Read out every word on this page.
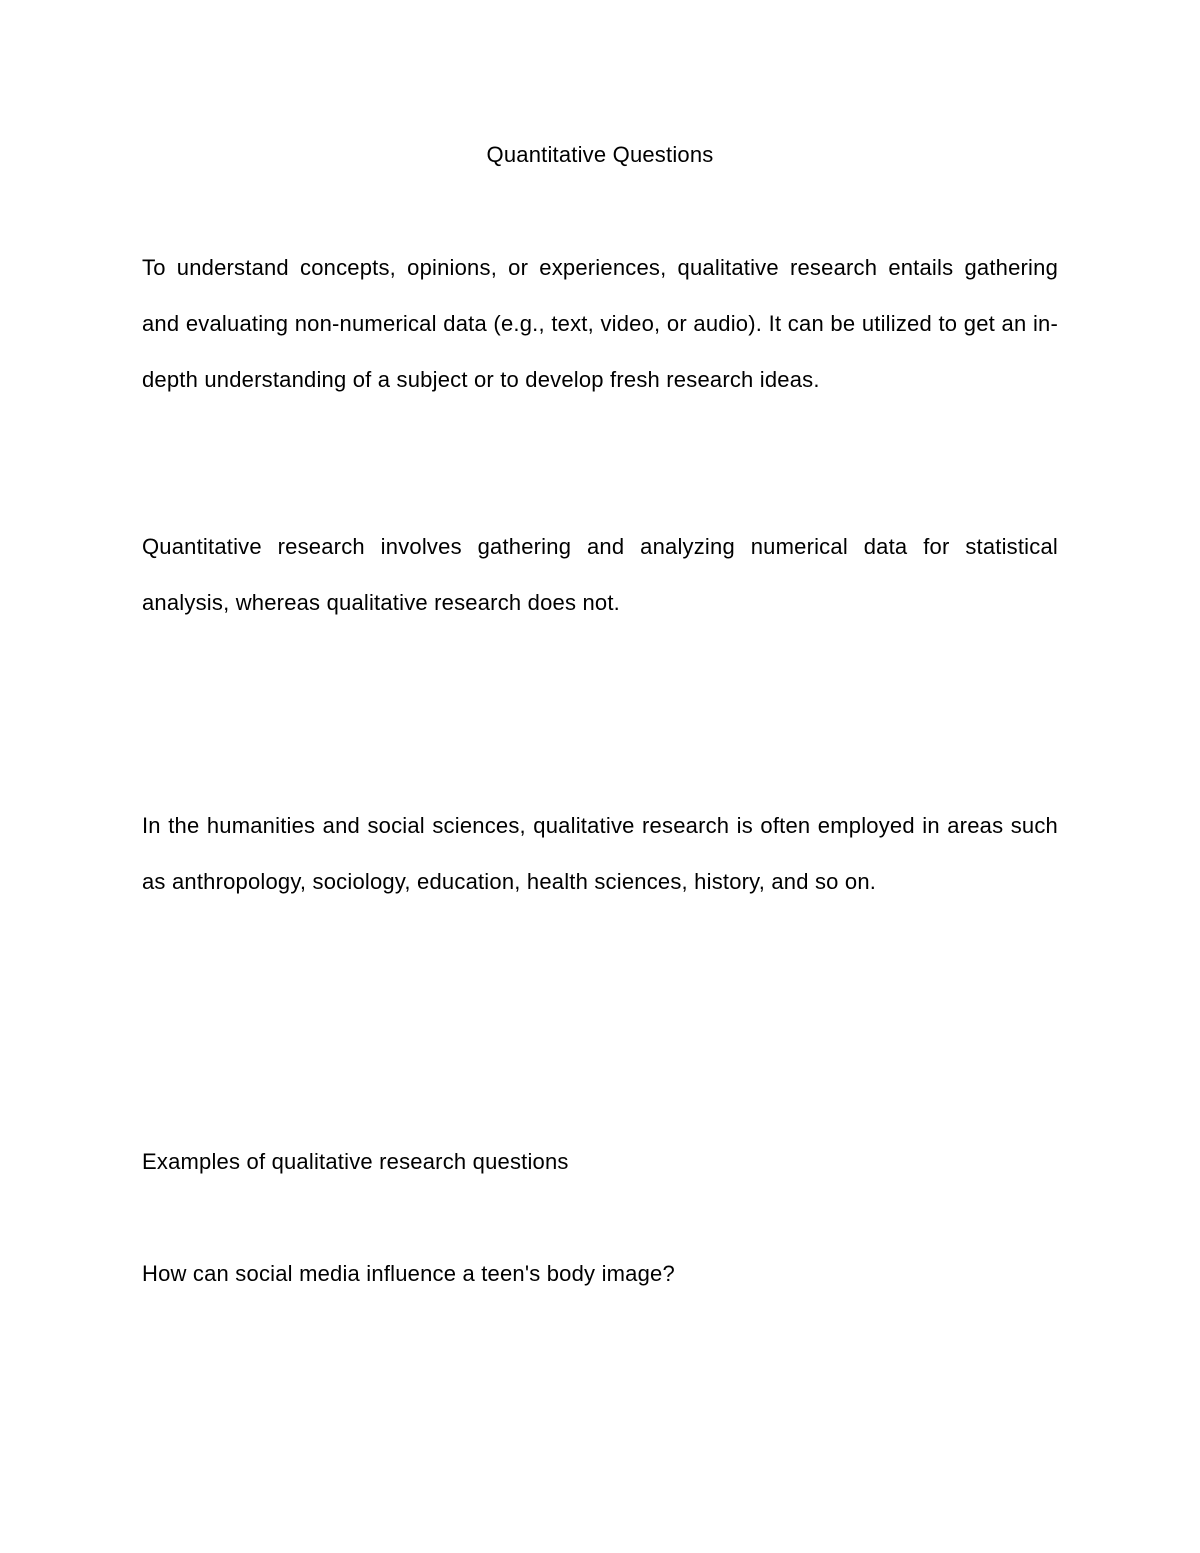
Quantitative Questions

To understand concepts, opinions, or experiences, qualitative research entails gathering and evaluating non-numerical data (e.g., text, video, or audio). It can be utilized to get an in-depth understanding of a subject or to develop fresh research ideas.

Quantitative research involves gathering and analyzing numerical data for statistical analysis, whereas qualitative research does not.

In the humanities and social sciences, qualitative research is often employed in areas such as anthropology, sociology, education, health sciences, history, and so on.

Examples of qualitative research questions

How can social media influence a teen's body image?
